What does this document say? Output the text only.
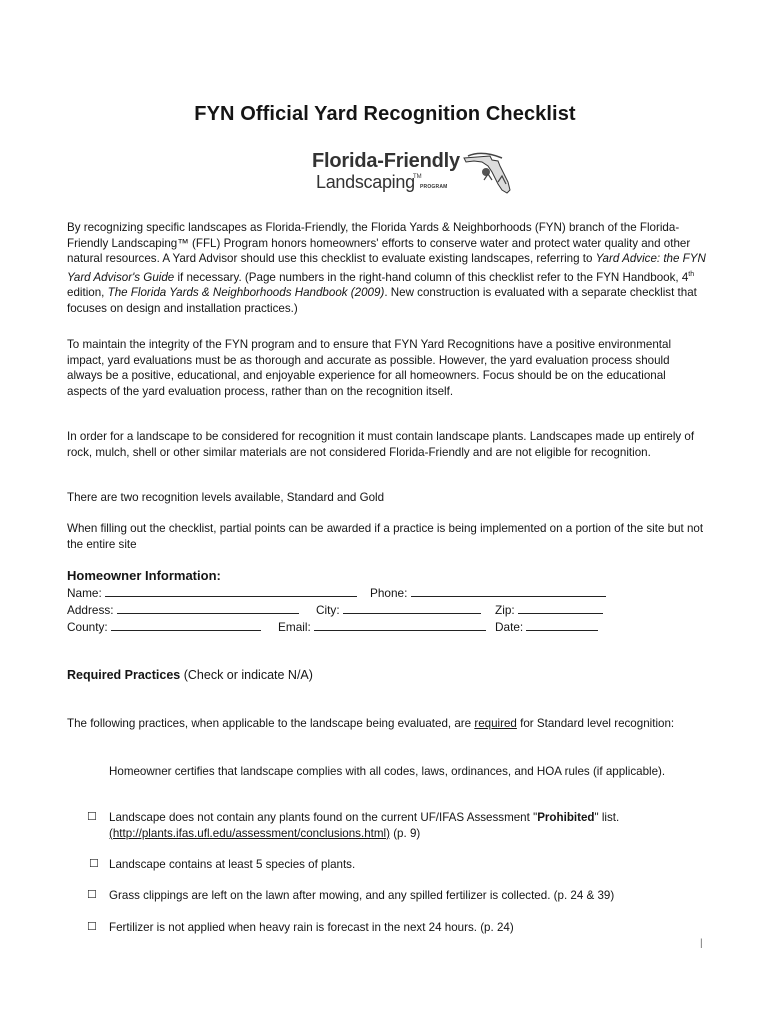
FYN Official Yard Recognition Checklist
Florida-Friendly
Landscaping
TM
PROGRAM

By recognizing specific landscapes as Florida-Friendly, the Florida Yards & Neighborhoods (FYN) branch of the Florida-Friendly Landscaping™ (FFL) Program honors homeowners' efforts to conserve water and protect water quality and other natural resources. A Yard Advisor should use this checklist to evaluate existing landscapes, referring to Yard Advice: the FYN Yard Advisor's Guide if necessary. (Page numbers in the right-hand column of this checklist refer to the FYN Handbook, 4th edition, The Florida Yards & Neighborhoods Handbook (2009). New construction is evaluated with a separate checklist that focuses on design and installation practices.)

To maintain the integrity of the FYN program and to ensure that FYN Yard Recognitions have a positive environmental impact, yard evaluations must be as thorough and accurate as possible. However, the yard evaluation process should always be a positive, educational, and enjoyable experience for all homeowners. Focus should be on the educational aspects of the yard evaluation process, rather than on the recognition itself.

In order for a landscape to be considered for recognition it must contain landscape plants. Landscapes made up entirely of rock, mulch, shell or other similar materials are not considered Florida-Friendly and are not eligible for recognition.

There are two recognition levels available, Standard and Gold

When filling out the checklist, partial points can be awarded if a practice is being implemented on a portion of the site but not the entire site

Homeowner Information:
Name:	Phone:
Address:	City:	Zip:
County:	Email:	Date:
Required Practices (Check or indicate N/A)

The following practices, when applicable to the landscape being evaluated, are required for Standard level recognition:

Homeowner certifies that landscape complies with all codes, laws, ordinances, and HOA rules (if applicable).
☐ Landscape does not contain any plants found on the current UF/IFAS Assessment "Prohibited" list.
(http://plants.ifas.ufl.edu/assessment/conclusions.html) (p. 9)
☐ Landscape contains at least 5 species of plants.
☐ Grass clippings are left on the lawn after mowing, and any spilled fertilizer is collected. (p. 24 & 39)
☐ Fertilizer is not applied when heavy rain is forecast in the next 24 hours. (p. 24)
|
